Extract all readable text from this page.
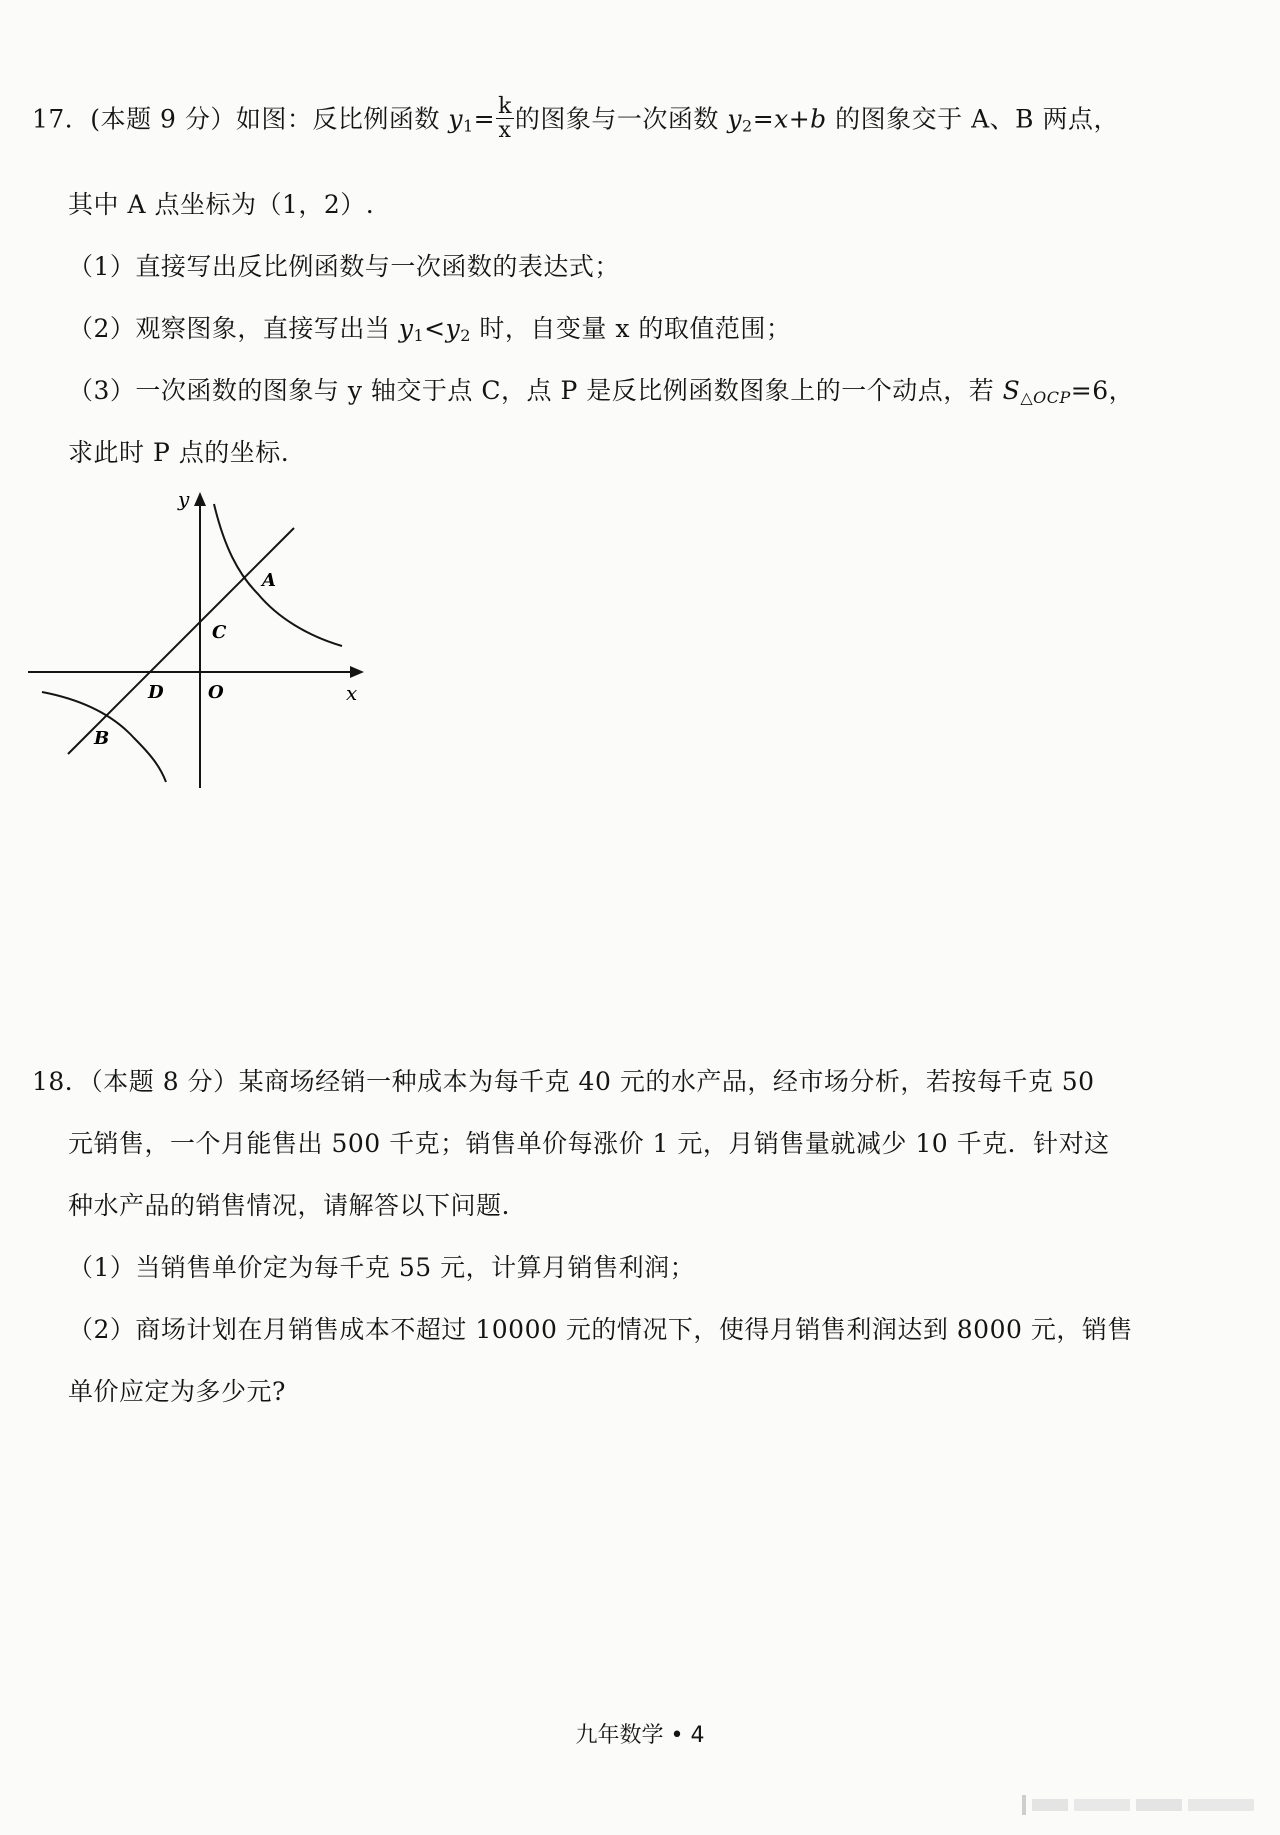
17．(本题 9 分）如图：反比例函数 $y_1= \frac{k}{x}$ 的图象与一次函数 $y_2=x+b$ 的图象交于 A、B 两点，
其中 A 点坐标为（1，2）.
（1）直接写出反比例函数与一次函数的表达式；
（2）观察图象，直接写出当 $y_1<y_2$ 时，自变量 x 的取值范围；
（3）一次函数的图象与 y 轴交于点 C，点 P 是反比例函数图象上的一个动点，若 $S_{\triangle OCP}=6$，
求此时 P 点的坐标.
y
x
A
C
D O
B
18．（本题 8 分）某商场经销一种成本为每千克 40 元的水产品，经市场分析，若按每千克 50
元销售，一个月能售出 500 千克；销售单价每涨价 1 元，月销售量就减少 10 千克．针对这
种水产品的销售情况，请解答以下问题.
（1）当销售单价定为每千克 55 元，计算月销售利润；
（2）商场计划在月销售成本不超过 10000 元的情况下，使得月销售利润达到 8000 元，销售
单价应定为多少元?
九年数学 • 4
